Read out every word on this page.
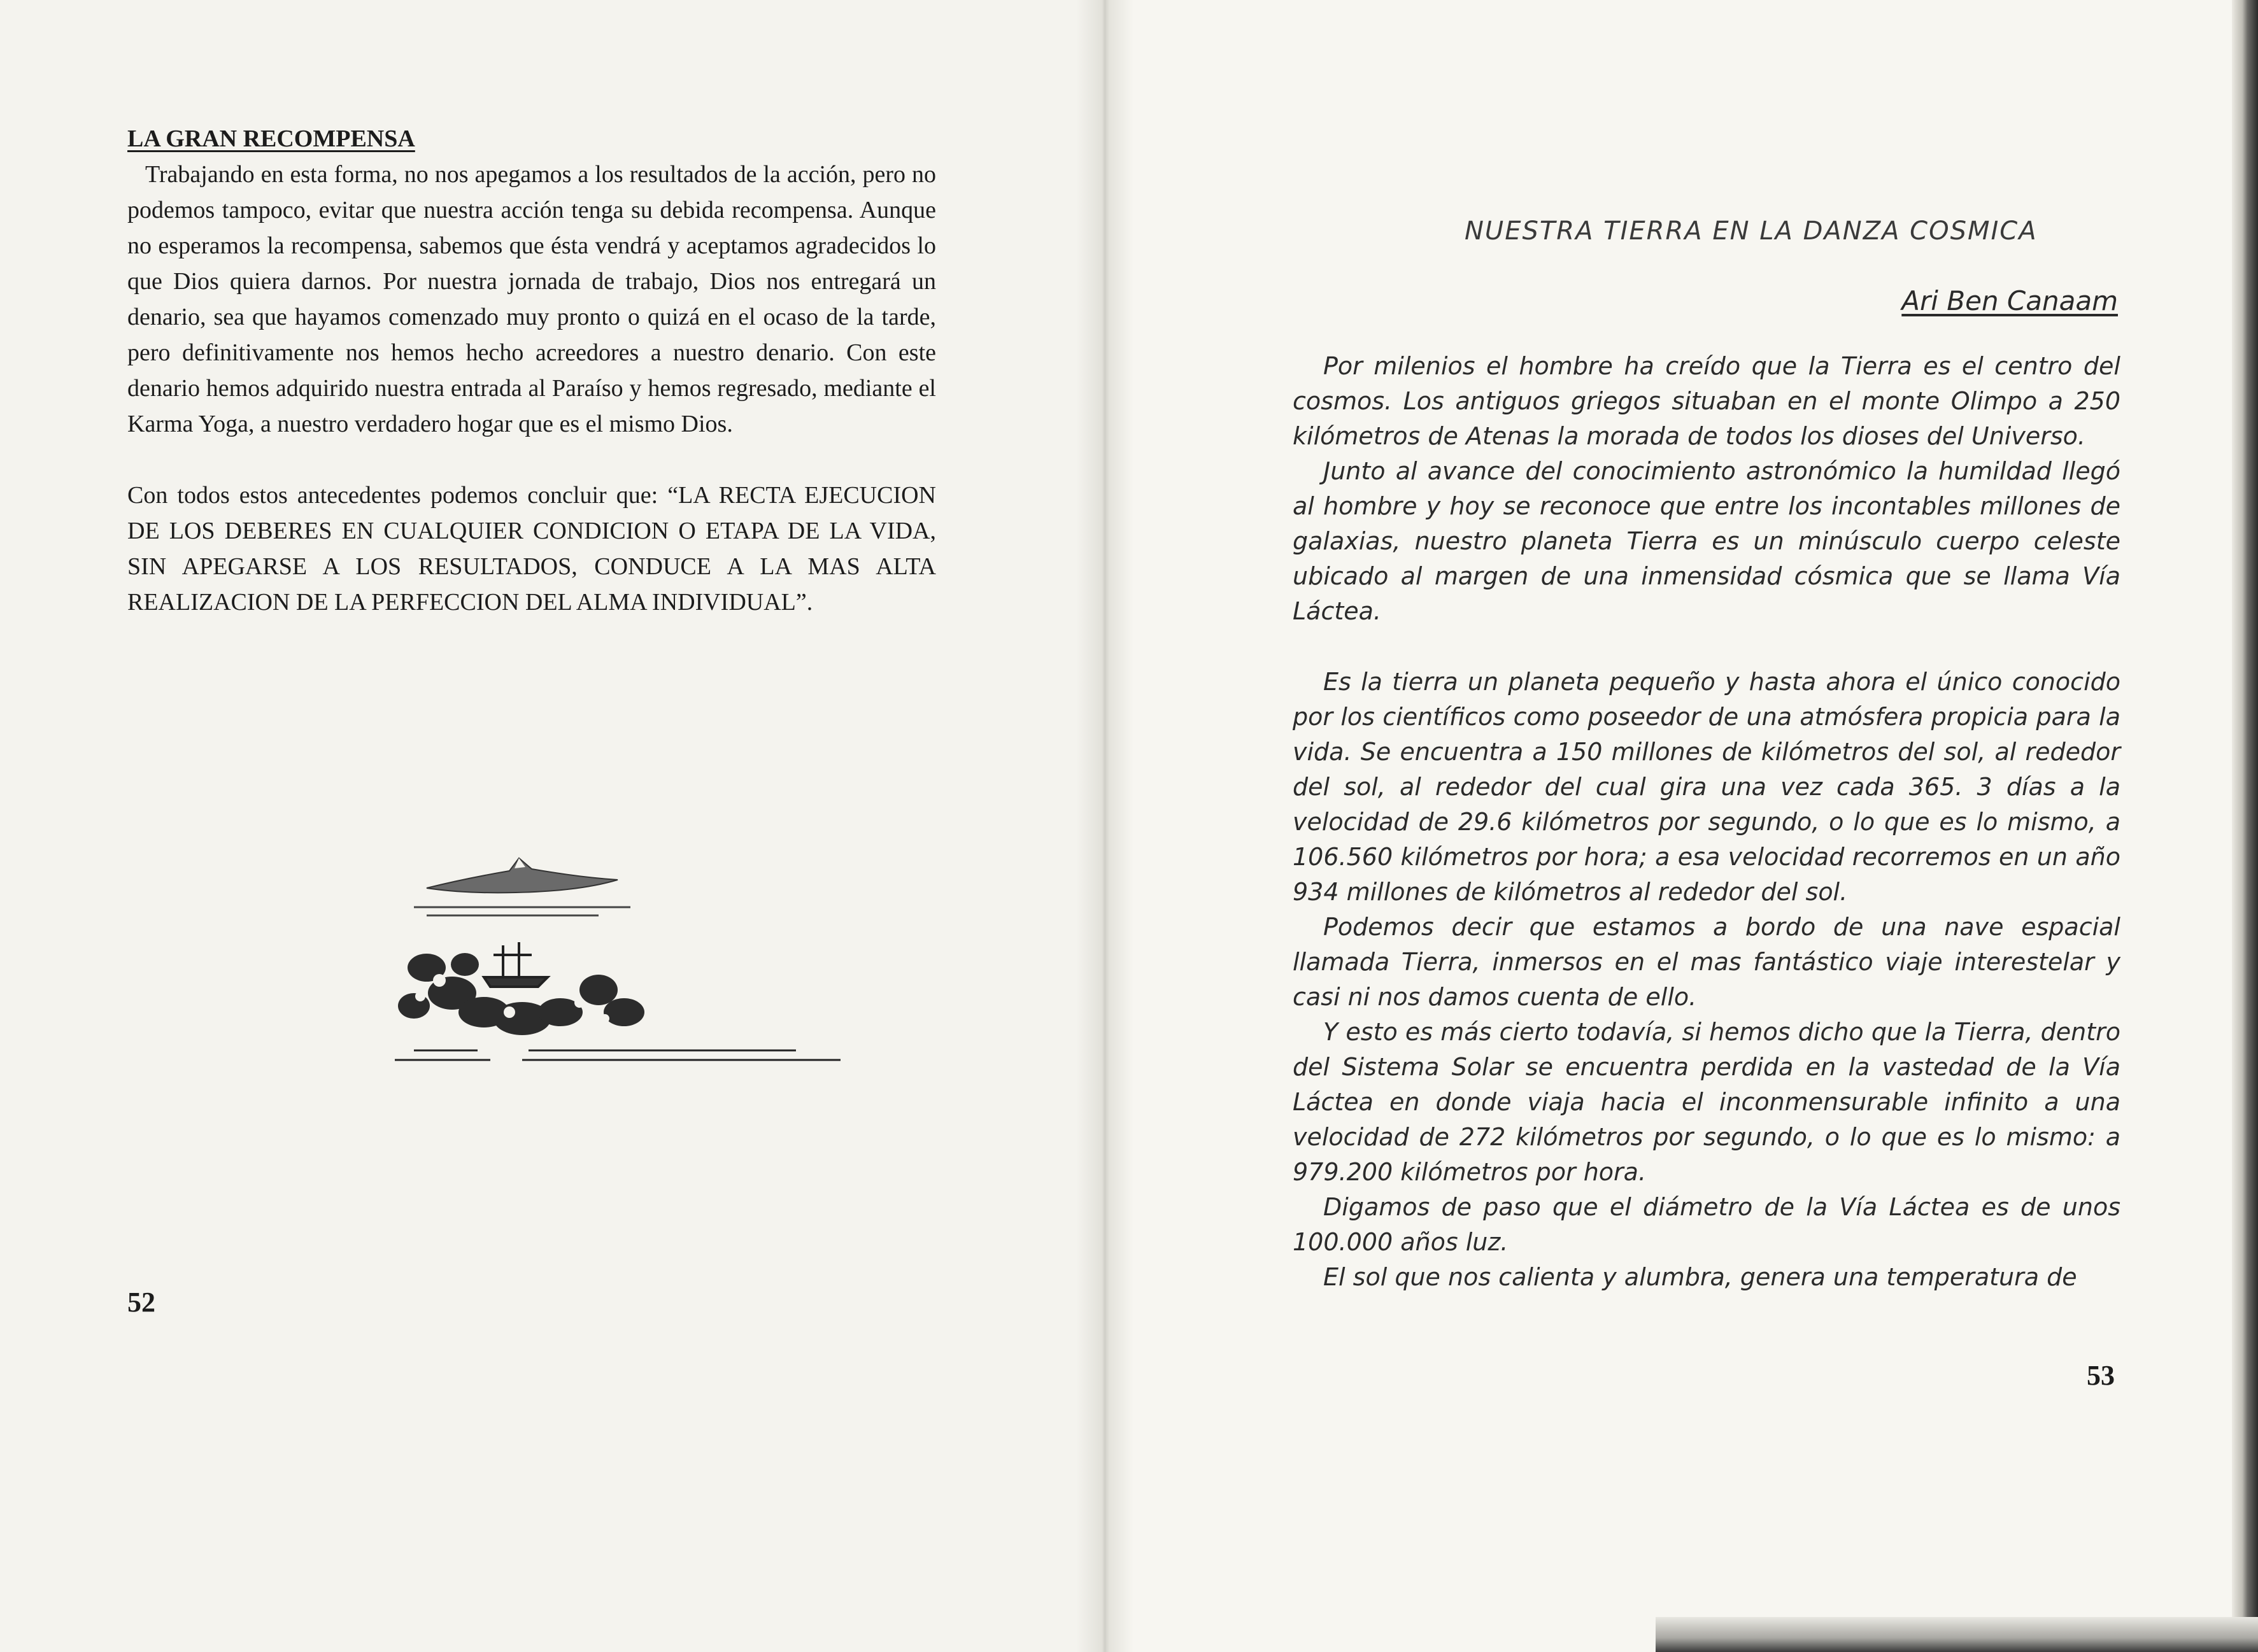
LA GRAN RECOMPENSA

Trabajando en esta forma, no nos apegamos a los resultados de la acción, pero no podemos tampoco, evitar que nuestra acción tenga su debida recompensa. Aunque no esperamos la recompensa, sabemos que ésta vendrá y aceptamos agradecidos lo que Dios quiera darnos. Por nuestra jornada de trabajo, Dios nos entregará un denario, sea que hayamos comenzado muy pronto o quizá en el ocaso de la tarde, pero definitivamente nos hemos hecho acreedores a nuestro denario. Con este denario hemos adquirido nuestra entrada al Paraíso y hemos regresado, mediante el Karma Yoga, a nuestro verdadero hogar que es el mismo Dios.

Con todos estos antecedentes podemos concluir que: “LA RECTA EJECUCION DE LOS DEBERES EN CUALQUIER CONDICION O ETAPA DE LA VIDA, SIN APEGARSE A LOS RESULTADOS, CONDUCE A LA MAS ALTA REALIZACION DE LA PERFECCION DEL ALMA INDIVIDUAL”.

52
NUESTRA TIERRA EN LA DANZA COSMICA
Ari Ben Canaam

Por milenios el hombre ha creído que la Tierra es el centro del cosmos. Los antiguos griegos situaban en el monte Olimpo a 250 kilómetros de Atenas la morada de todos los dioses del Universo.

Junto al avance del conocimiento astronómico la humildad llegó al hombre y hoy se reconoce que entre los incontables millones de galaxias, nuestro planeta Tierra es un minúsculo cuerpo celeste ubicado al margen de una inmensidad cósmica que se llama Vía Láctea.

Es la tierra un planeta pequeño y hasta ahora el único conocido por los científicos como poseedor de una atmósfera propicia para la vida. Se encuentra a 150 millones de kilómetros del sol, al rededor del sol, al rededor del cual gira una vez cada 365. 3 días a la velocidad de 29.6 kilómetros por segundo, o lo que es lo mismo, a 106.560 kilómetros por hora; a esa velocidad recorremos en un año 934 millones de kilómetros al rededor del sol.

Podemos decir que estamos a bordo de una nave espacial llamada Tierra, inmersos en el mas fantástico viaje interestelar y casi ni nos damos cuenta de ello.

Y esto es más cierto todavía, si hemos dicho que la Tierra, dentro del Sistema Solar se encuentra perdida en la vastedad de la Vía Láctea en donde viaja hacia el inconmensurable infinito a una velocidad de 272 kilómetros por segundo, o lo que es lo mismo: a 979.200 kilómetros por hora.

Digamos de paso que el diámetro de la Vía Láctea es de unos 100.000 años luz.

El sol que nos calienta y alumbra, genera una temperatura de

53
